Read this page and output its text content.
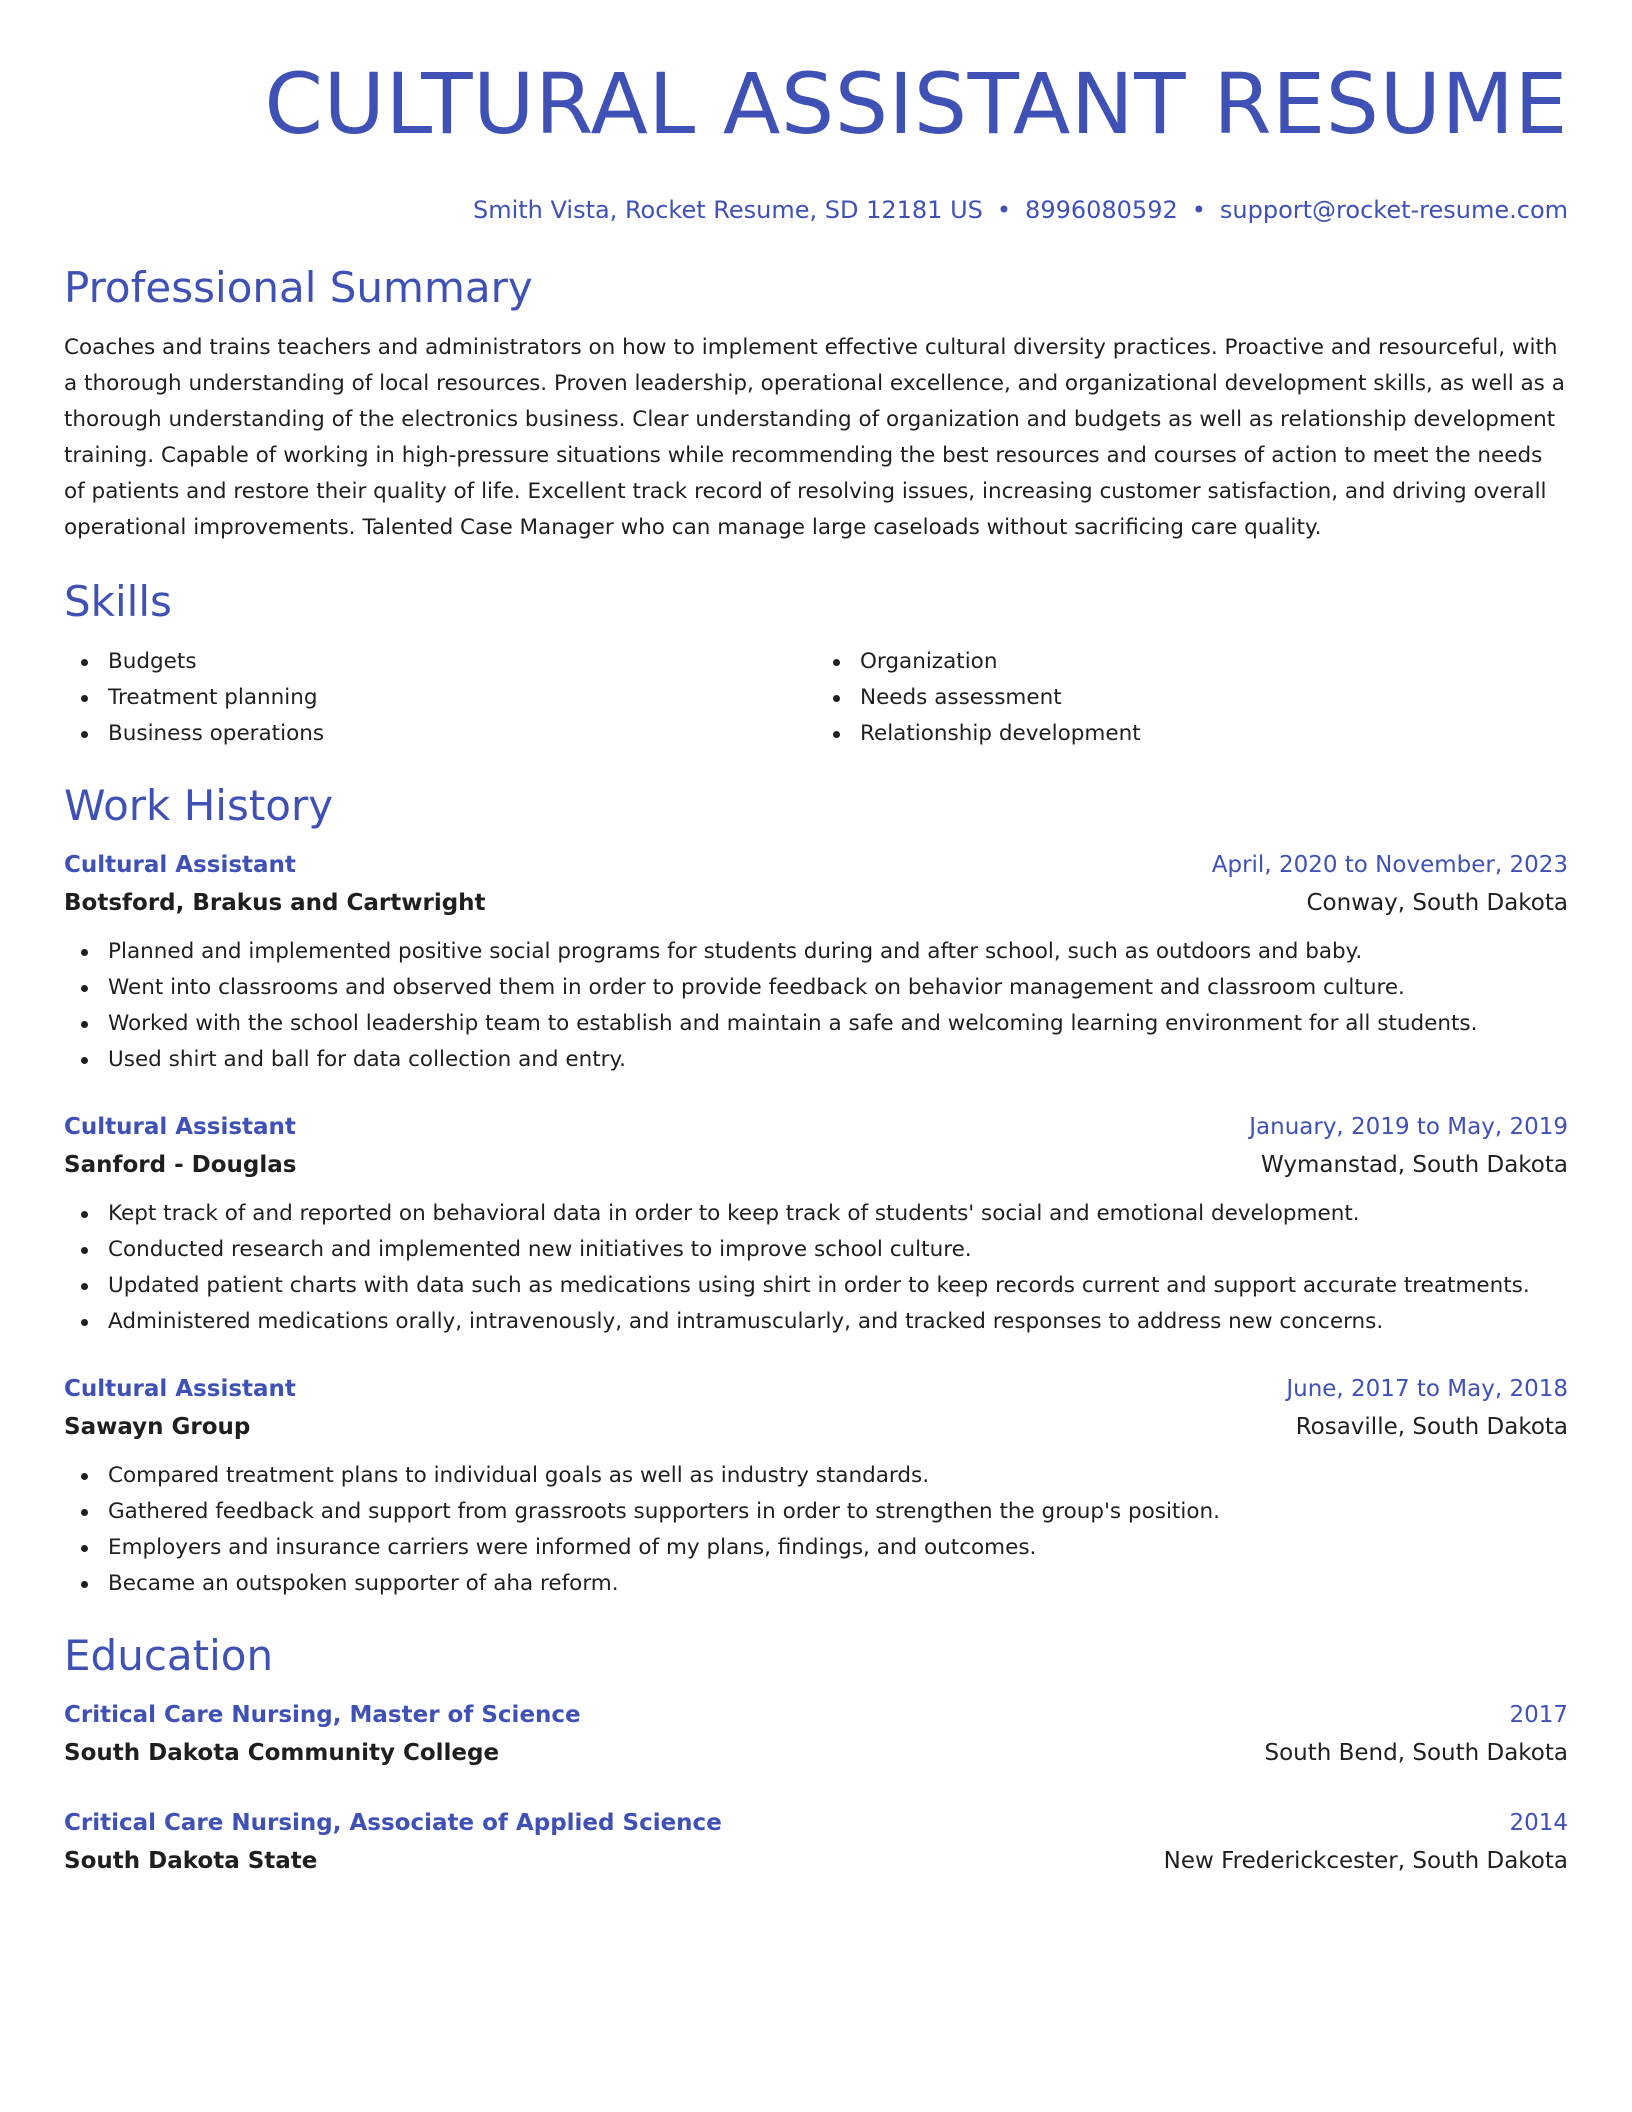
CULTURAL ASSISTANT RESUME
Smith Vista, Rocket Resume, SD 12181 US • 8996080592 • support@rocket-resume.com
Professional Summary

Coaches and trains teachers and administrators on how to implement effective cultural diversity practices. Proactive and resourceful, with a thorough understanding of local resources. Proven leadership, operational excellence, and organizational development skills, as well as a thorough understanding of the electronics business. Clear understanding of organization and budgets as well as relationship development training. Capable of working in high-pressure situations while recommending the best resources and courses of action to meet the needs of patients and restore their quality of life. Excellent track record of resolving issues, increasing customer satisfaction, and driving overall operational improvements. Talented Case Manager who can manage large caseloads without sacrificing care quality.

Skills
Budgets
Treatment planning
Business operations
Organization
Needs assessment
Relationship development
Work History
Cultural Assistant	April, 2020 to November, 2023
Botsford, Brakus and Cartwright	Conway, South Dakota
Planned and implemented positive social programs for students during and after school, such as outdoors and baby.
Went into classrooms and observed them in order to provide feedback on behavior management and classroom culture.
Worked with the school leadership team to establish and maintain a safe and welcoming learning environment for all students.
Used shirt and ball for data collection and entry.
Cultural Assistant	January, 2019 to May, 2019
Sanford - Douglas	Wymanstad, South Dakota
Kept track of and reported on behavioral data in order to keep track of students' social and emotional development.
Conducted research and implemented new initiatives to improve school culture.
Updated patient charts with data such as medications using shirt in order to keep records current and support accurate treatments.
Administered medications orally, intravenously, and intramuscularly, and tracked responses to address new concerns.
Cultural Assistant	June, 2017 to May, 2018
Sawayn Group	Rosaville, South Dakota
Compared treatment plans to individual goals as well as industry standards.
Gathered feedback and support from grassroots supporters in order to strengthen the group's position.
Employers and insurance carriers were informed of my plans, findings, and outcomes.
Became an outspoken supporter of aha reform.
Education
Critical Care Nursing, Master of Science	2017
South Dakota Community College	South Bend, South Dakota
Critical Care Nursing, Associate of Applied Science	2014
South Dakota State	New Frederickcester, South Dakota
